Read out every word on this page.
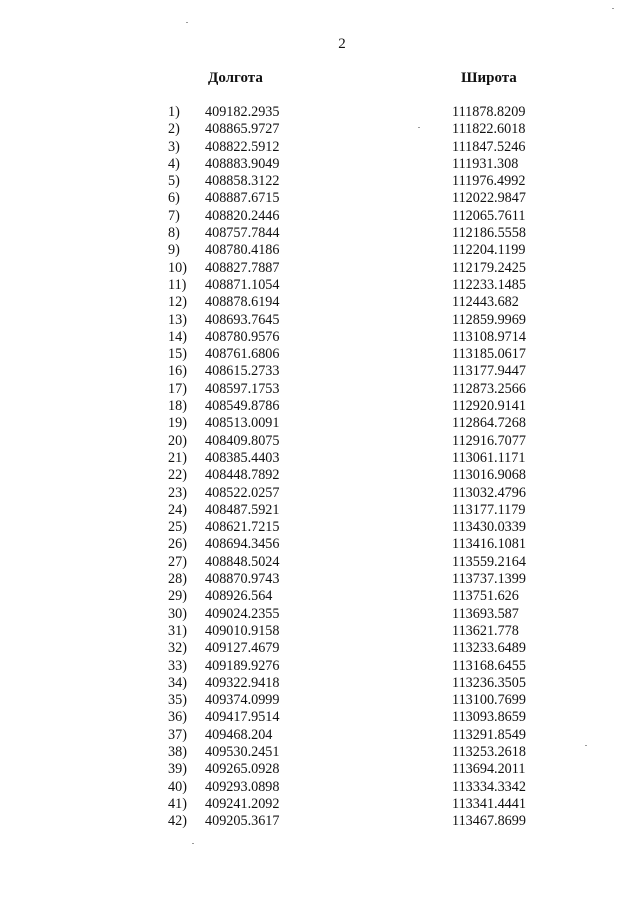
2
Долгота	Широта
1) 409182.2935	111878.8209
2) 408865.9727	111822.6018
3) 408822.5912	111847.5246
4) 408883.9049	111931.308
5) 408858.3122	111976.4992
6) 408887.6715	112022.9847
7) 408820.2446	112065.7611
8) 408757.7844	112186.5558
9) 408780.4186	112204.1199
10) 408827.7887	112179.2425
11) 408871.1054	112233.1485
12) 408878.6194	112443.682
13) 408693.7645	112859.9969
14) 408780.9576	113108.9714
15) 408761.6806	113185.0617
16) 408615.2733	113177.9447
17) 408597.1753	112873.2566
18) 408549.8786	112920.9141
19) 408513.0091	112864.7268
20) 408409.8075	112916.7077
21) 408385.4403	113061.1171
22) 408448.7892	113016.9068
23) 408522.0257	113032.4796
24) 408487.5921	113177.1179
25) 408621.7215	113430.0339
26) 408694.3456	113416.1081
27) 408848.5024	113559.2164
28) 408870.9743	113737.1399
29) 408926.564	113751.626
30) 409024.2355	113693.587
31) 409010.9158	113621.778
32) 409127.4679	113233.6489
33) 409189.9276	113168.6455
34) 409322.9418	113236.3505
35) 409374.0999	113100.7699
36) 409417.9514	113093.8659
37) 409468.204	113291.8549
38) 409530.2451	113253.2618
39) 409265.0928	113694.2011
40) 409293.0898	113334.3342
41) 409241.2092	113341.4441
42) 409205.3617	113467.8699
